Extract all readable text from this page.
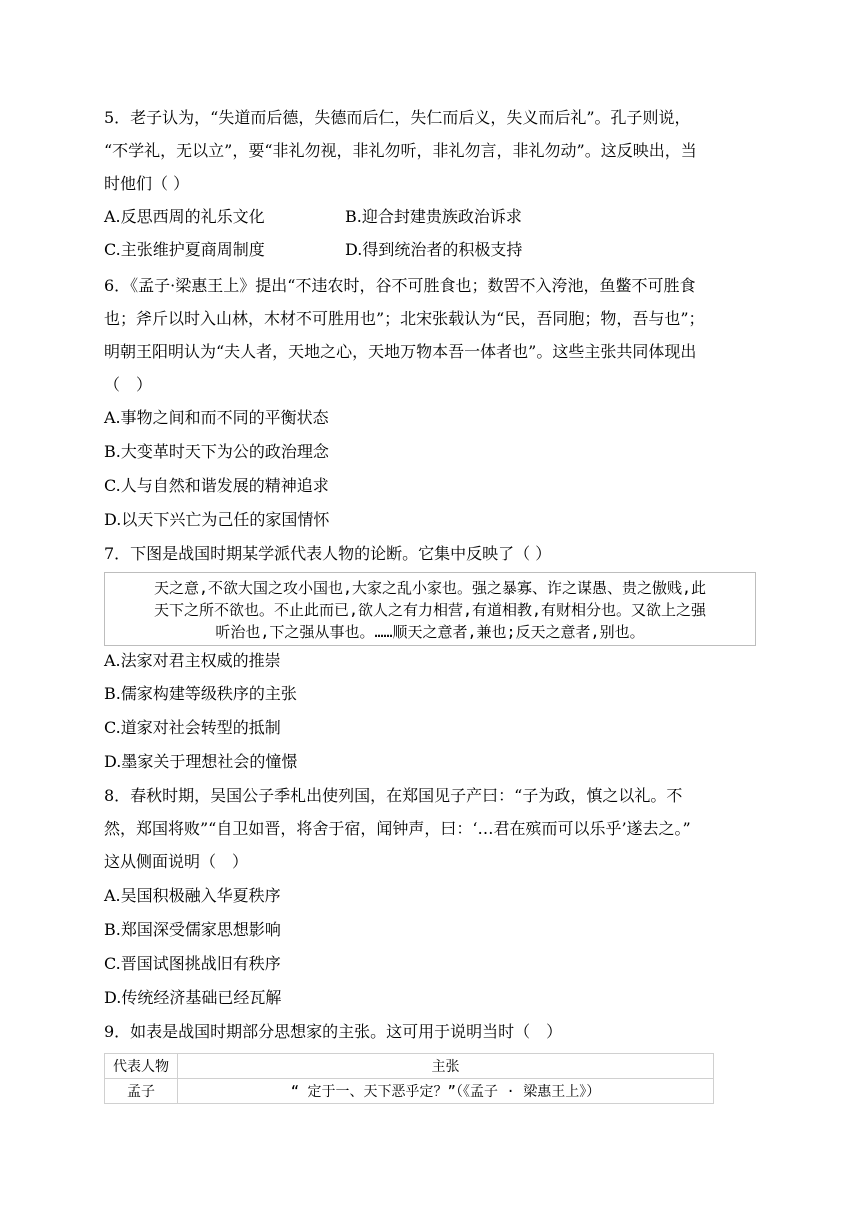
5．老子认为，“失道而后德，失德而后仁，失仁而后义，失义而后礼”。孔子则说，
“不学礼，无以立”，要“非礼勿视，非礼勿听，非礼勿言，非礼勿动”。这反映出，当
时他们（ ）
A.反思西周的礼乐文化	B.迎合封建贵族政治诉求
C.主张维护夏商周制度	D.得到统治者的积极支持
6．《孟子·梁惠王上》提出“不违农时，谷不可胜食也；数罟不入洿池，鱼鳖不可胜食
也；斧斤以时入山林，木材不可胜用也”；北宋张载认为“民，吾同胞；物，吾与也”；
明朝王阳明认为“夫人者，天地之心，天地万物本吾一体者也”。这些主张共同体现出
（　）
A.事物之间和而不同的平衡状态
B.大变革时天下为公的政治理念
C.人与自然和谐发展的精神追求
D.以天下兴亡为己任的家国情怀
7．下图是战国时期某学派代表人物的论断。它集中反映了（ ）
天之意,不欲大国之攻小国也,大家之乱小家也。强之暴寡、诈之谋愚、贵之傲贱,此
天下之所不欲也。不止此而已,欲人之有力相营,有道相教,有财相分也。又欲上之强
听治也,下之强从事也。……顺天之意者,兼也;反天之意者,别也。
A.法家对君主权威的推崇
B.儒家构建等级秩序的主张
C.道家对社会转型的抵制
D.墨家关于理想社会的憧憬
8．春秋时期，吴国公子季札出使列国，在郑国见子产曰：“子为政，慎之以礼。不
然，郑国将败”“自卫如晋，将舍于宿，闻钟声，曰：‘…君在殡而可以乐乎’遂去之。”
这从侧面说明（　）
A.吴国积极融入华夏秩序
B.郑国深受儒家思想影响
C.晋国试图挑战旧有秩序
D.传统经济基础已经瓦解
9．如表是战国时期部分思想家的主张。这可用于说明当时（　）
代表人物	主张
孟子	“ 定于一、天下恶乎定？”（《孟子 · 梁惠王上》）
